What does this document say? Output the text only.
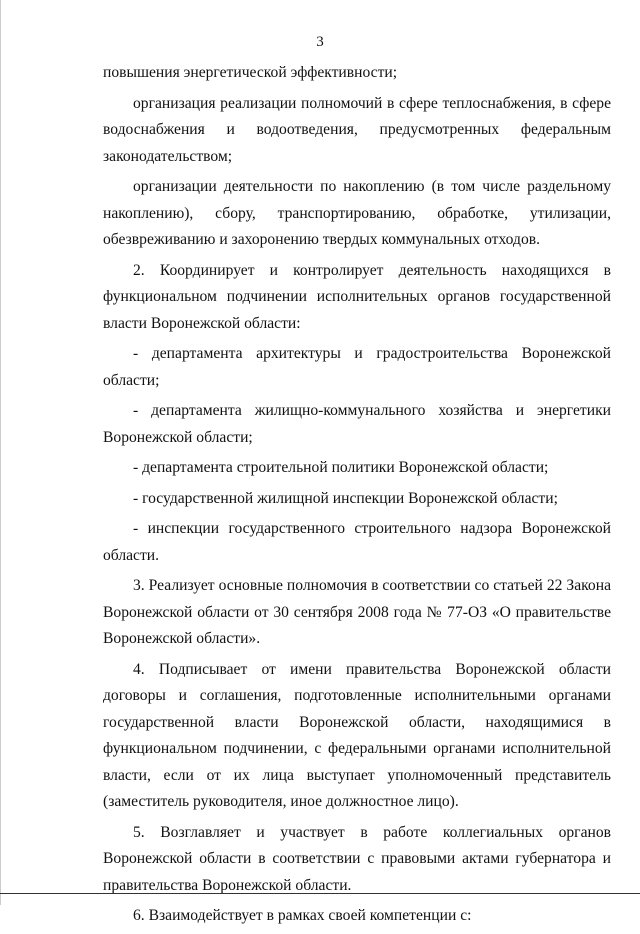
3

повышения энергетической эффективности;

организация реализации полномочий в сфере теплоснабжения, в сфере водоснабжения и водоотведения, предусмотренных федеральным законодательством;

организации деятельности по накоплению (в том числе раздельному накоплению), сбору, транспортированию, обработке, утилизации, обезвреживанию и захоронению твердых коммунальных отходов.

2. Координирует и контролирует деятельность находящихся в функциональном подчинении исполнительных органов государственной власти Воронежской области:

- департамента архитектуры и градостроительства Воронежской области;

- департамента жилищно-коммунального хозяйства и энергетики Воронежской области;

- департамента строительной политики Воронежской области;

- государственной жилищной инспекции Воронежской области;

- инспекции государственного строительного надзора Воронежской области.

3. Реализует основные полномочия в соответствии со статьей 22 Закона Воронежской области от 30 сентября 2008 года № 77-ОЗ «О правительстве Воронежской области».

4. Подписывает от имени правительства Воронежской области договоры и соглашения, подготовленные исполнительными органами государственной власти Воронежской области, находящимися в функциональном подчинении, с федеральными органами исполнительной власти, если от их лица выступает уполномоченный представитель (заместитель руководителя, иное должностное лицо).

5. Возглавляет и участвует в работе коллегиальных органов Воронежской области в соответствии с правовыми актами губернатора и правительства Воронежской области.

6. Взаимодействует в рамках своей компетенции с:
